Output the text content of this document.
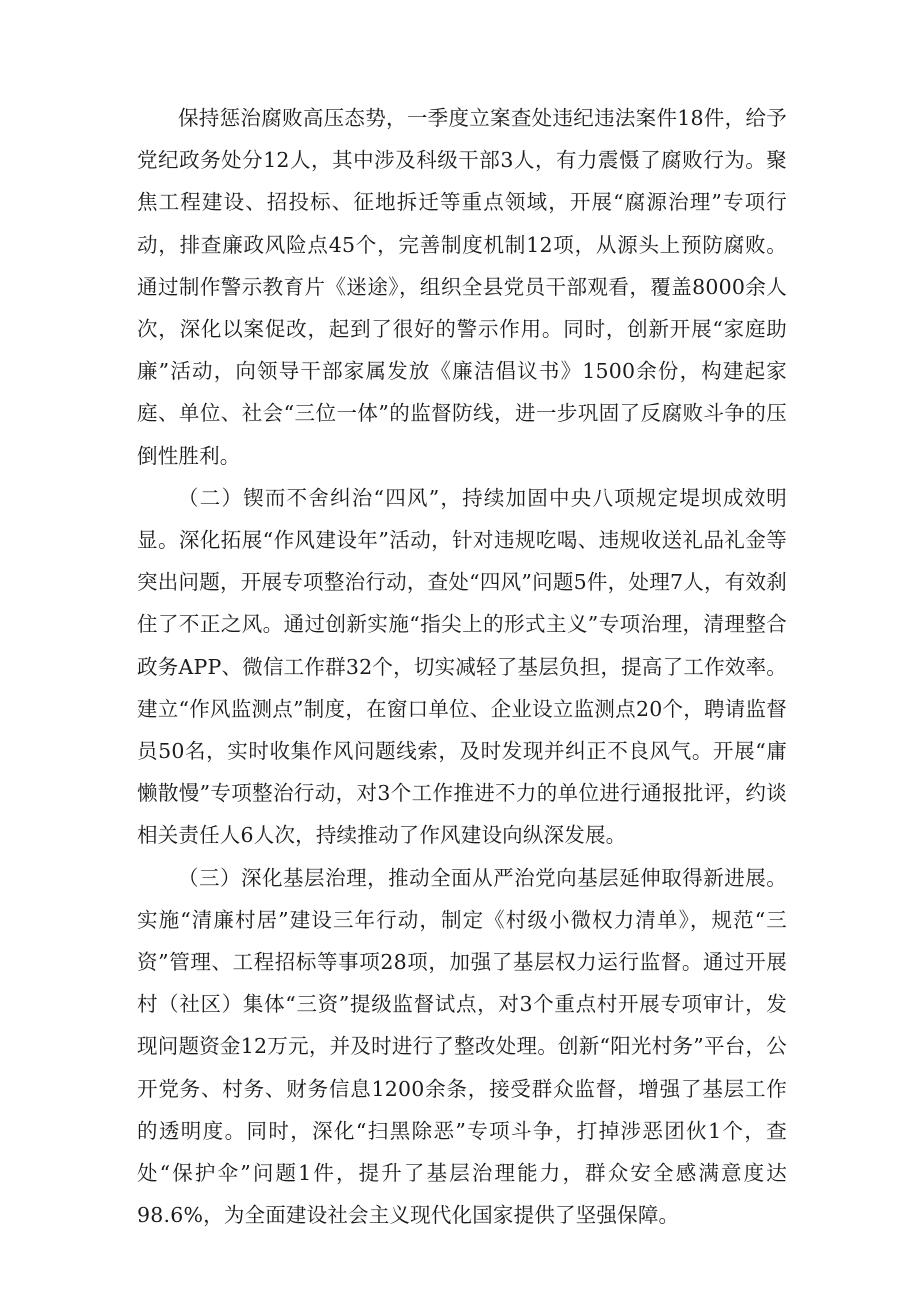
保持惩治腐败高压态势，一季度立案查处违纪违法案件18件，给予党纪政务处分12人，其中涉及科级干部3人，有力震慑了腐败行为。聚焦工程建设、招投标、征地拆迁等重点领域，开展“腐源治理”专项行动，排查廉政风险点45个，完善制度机制12项，从源头上预防腐败。通过制作警示教育片《迷途》，组织全县党员干部观看，覆盖8000余人次，深化以案促改，起到了很好的警示作用。同时，创新开展“家庭助廉”活动，向领导干部家属发放《廉洁倡议书》1500余份，构建起家庭、单位、社会“三位一体”的监督防线，进一步巩固了反腐败斗争的压倒性胜利。

（二）锲而不舍纠治“四风”，持续加固中央八项规定堤坝成效明显。深化拓展“作风建设年”活动，针对违规吃喝、违规收送礼品礼金等突出问题，开展专项整治行动，查处“四风”问题5件，处理7人，有效刹住了不正之风。通过创新实施“指尖上的形式主义”专项治理，清理整合政务APP、微信工作群32个，切实减轻了基层负担，提高了工作效率。建立“作风监测点”制度，在窗口单位、企业设立监测点20个，聘请监督员50名，实时收集作风问题线索，及时发现并纠正不良风气。开展“庸懒散慢”专项整治行动，对3个工作推进不力的单位进行通报批评，约谈相关责任人6人次，持续推动了作风建设向纵深发展。

（三）深化基层治理，推动全面从严治党向基层延伸取得新进展。实施“清廉村居”建设三年行动，制定《村级小微权力清单》，规范“三资”管理、工程招标等事项28项，加强了基层权力运行监督。通过开展村（社区）集体“三资”提级监督试点，对3个重点村开展专项审计，发现问题资金12万元，并及时进行了整改处理。创新“阳光村务”平台，公开党务、村务、财务信息1200余条，接受群众监督，增强了基层工作的透明度。同时，深化“扫黑除恶”专项斗争，打掉涉恶团伙1个，查处“保护伞”问题1件，提升了基层治理能力，群众安全感满意度达98.6%，为全面建设社会主义现代化国家提供了坚强保障。
